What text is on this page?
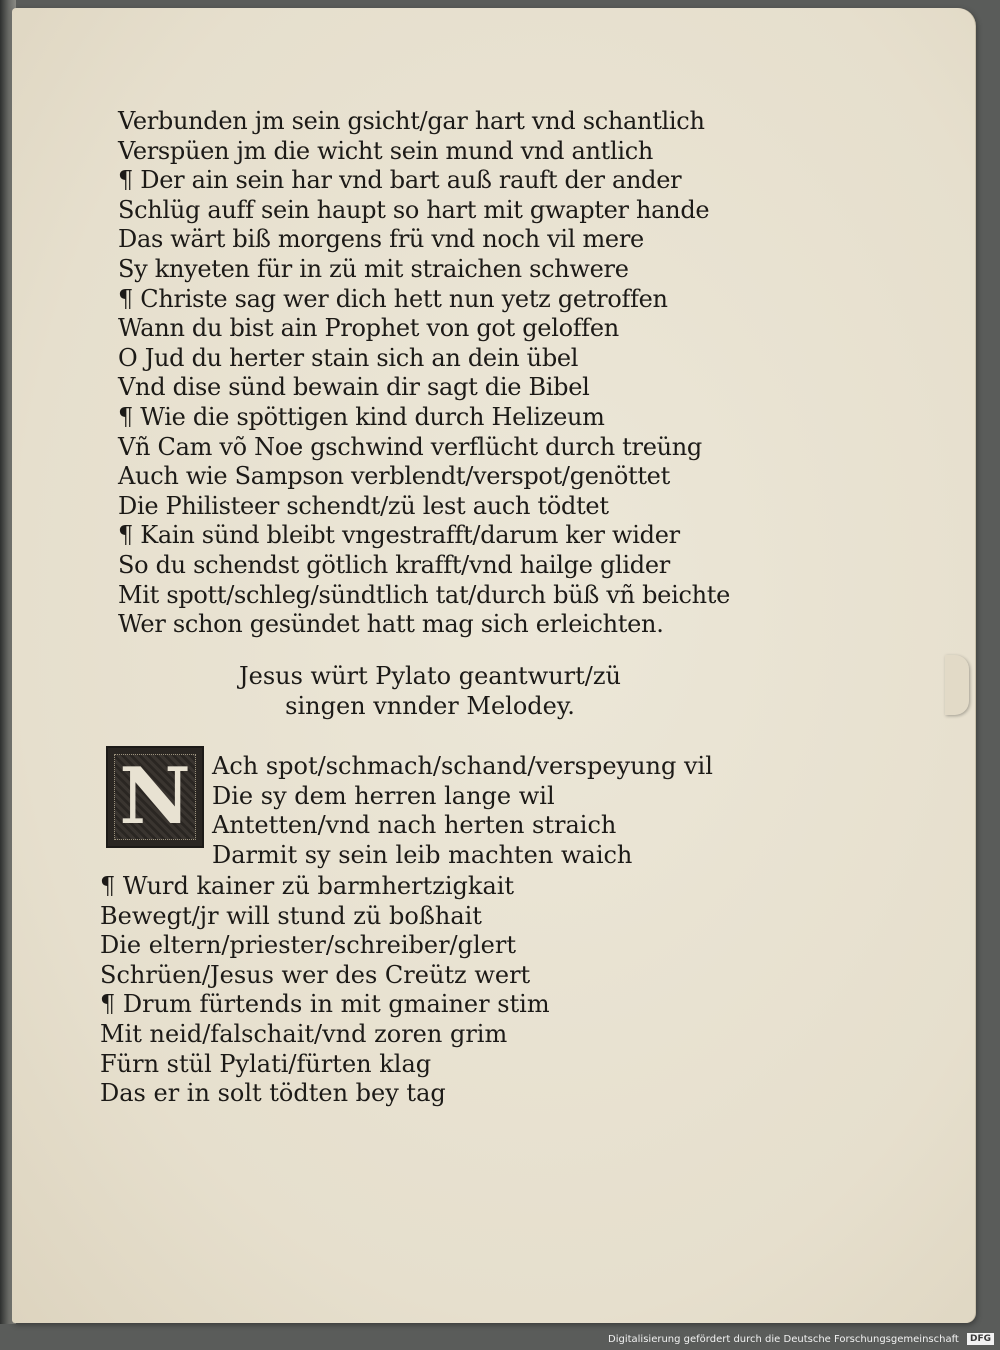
Verbunden jm sein gsicht/gar hart vnd schantlich
Verspüen jm die wicht sein mund vnd antlich
¶ Der ain sein har vnd bart auß rauft der ander
Schlüg auff sein haupt so hart mit gwapter hande
Das wärt biß morgens frü vnd noch vil mere
Sy knyeten für in zü mit straichen schwere
¶ Christe sag wer dich hett nun yetz getroffen
Wann du bist ain Prophet von got geloffen
O Jud du herter stain sich an dein übel
Vnd dise sünd bewain dir sagt die Bibel
¶ Wie die spöttigen kind durch Helizeum
Vñ Cam võ Noe gschwind verflücht durch treüng
Auch wie Sampson verblendt/verspot/genöttet
Die Philisteer schendt/zü lest auch tödtet
¶ Kain sünd bleibt vngestrafft/darum ker wider
So du schendst götlich krafft/vnd hailge glider
Mit spott/schleg/sündtlich tat/durch büß vñ beichte
Wer schon gesündet hatt mag sich erleichten.
Jesus würt Pylato geantwurt/zü
singen vnnder Melodey.
N Ach spot/schmach/schand/verspeyung vil
Die sy dem herren lange wil
Antetten/vnd nach herten straich
Darmit sy sein leib machten waich
¶ Wurd kainer zü barmhertzigkait
Bewegt/jr will stund zü boßhait
Die eltern/priester/schreiber/glert
Schrüen/Jesus wer des Creütz wert
¶ Drum fürtends in mit gmainer stim
Mit neid/falschait/vnd zoren grim
Fürn stül Pylati/fürten klag
Das er in solt tödten bey tag
Digitalisierung gefördert durch die Deutsche Forschungsgemeinschaft	DFG
